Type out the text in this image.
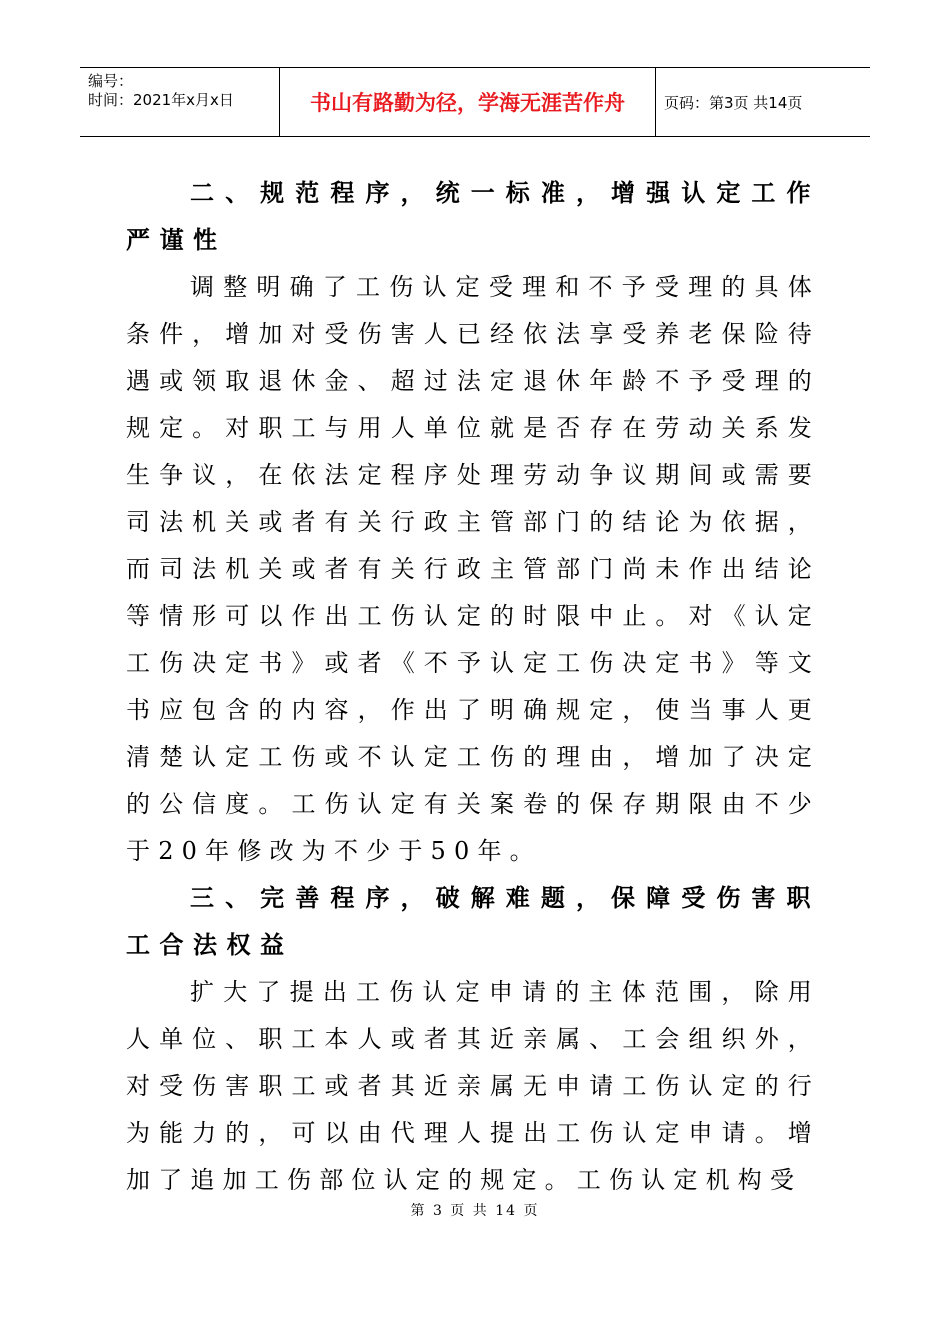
编号：
时间：2021年x月x日	书山有路勤为径，学海无涯苦作舟	页码：第3页 共14页

二、规范程序，统一标准，增强认定工作严谨性

调整明确了工伤认定受理和不予受理的具体条件，增加对受伤害人已经依法享受养老保险待遇或领取退休金、超过法定退休年龄不予受理的规定。对职工与用人单位就是否存在劳动关系发生争议，在依法定程序处理劳动争议期间或需要司法机关或者有关行政主管部门的结论为依据，而司法机关或者有关行政主管部门尚未作出结论等情形可以作出工伤认定的时限中止。对《认定工伤决定书》或者《不予认定工伤决定书》等文书应包含的内容，作出了明确规定，使当事人更清楚认定工伤或不认定工伤的理由，增加了决定的公信度。工伤认定有关案卷的保存期限由不少于20年修改为不少于50年。

三、完善程序，破解难题，保障受伤害职工合法权益

扩大了提出工伤认定申请的主体范围，除用人单位、职工本人或者其近亲属、工会组织外，对受伤害职工或者其近亲属无申请工伤认定的行为能力的，可以由代理人提出工伤认定申请。增加了追加工伤部位认定的规定。工伤认定机构受

第 3 页 共 14 页
